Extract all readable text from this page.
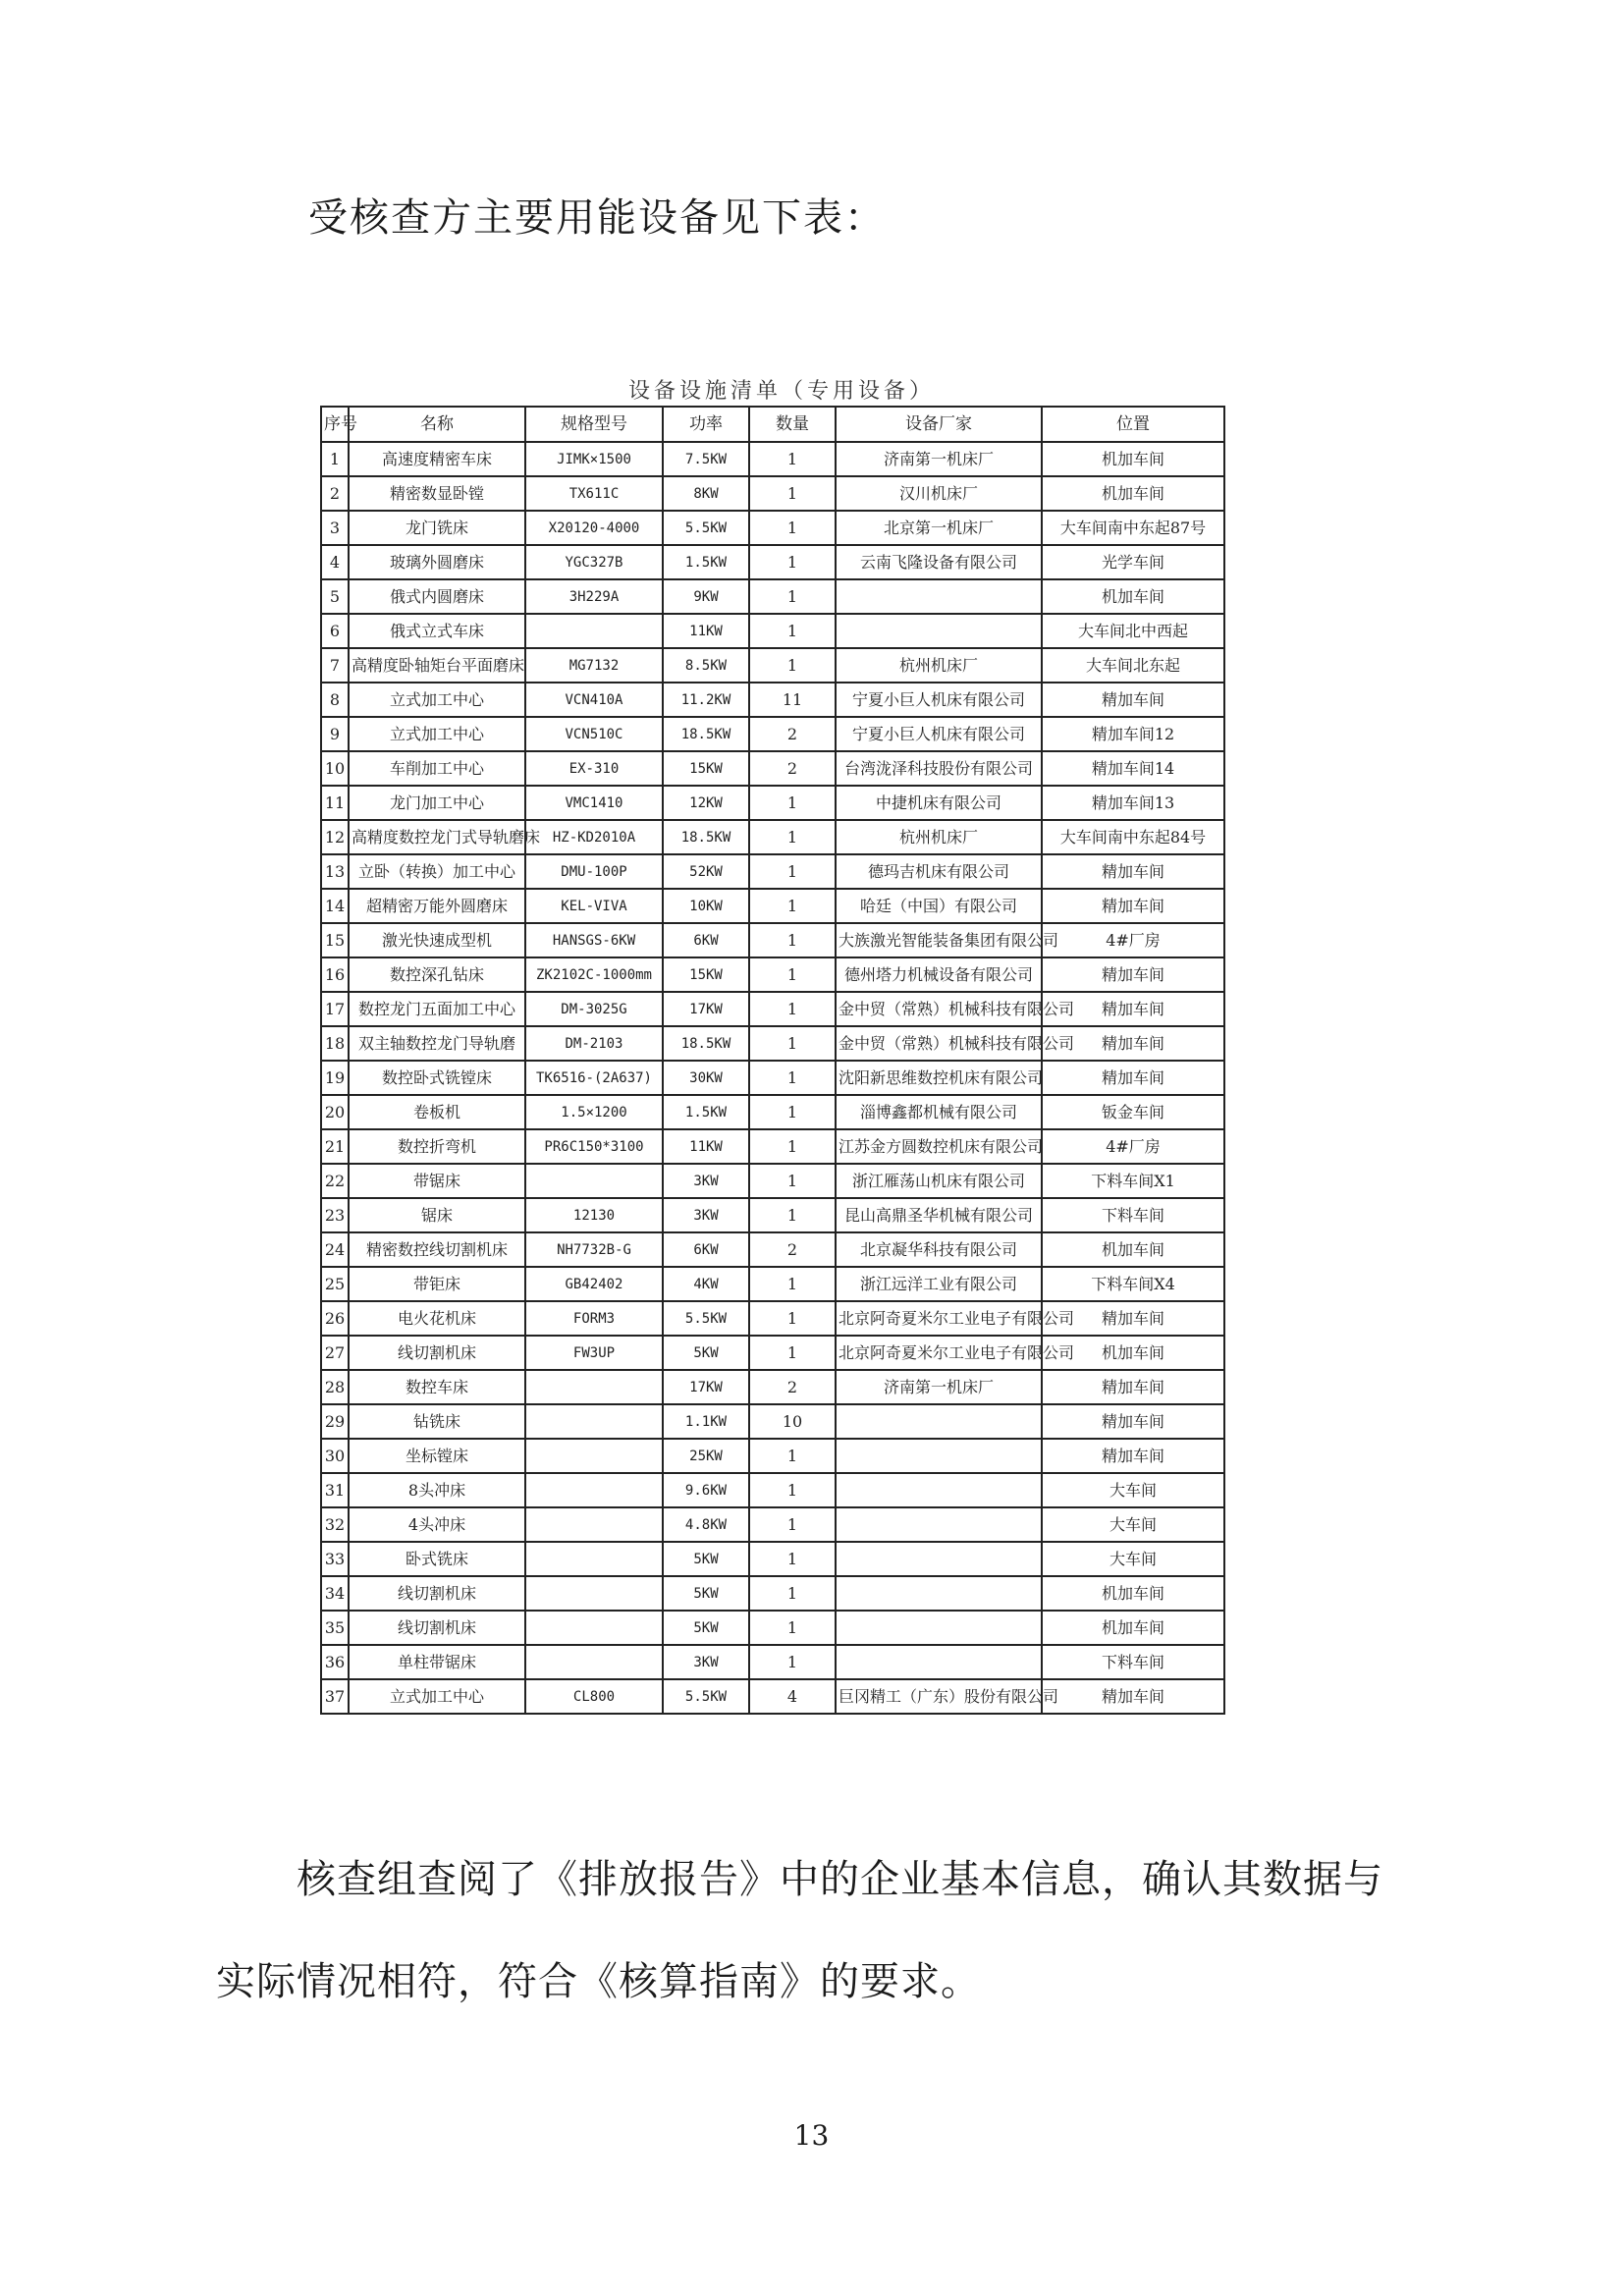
受核查方主要用能设备见下表：
设备设施清单（专用设备）
序号	名称	规格型号	功率	数量	设备厂家	位置
1	高速度精密车床	JIMK×1500	7.5KW	1	济南第一机床厂	机加车间
2	精密数显卧镗	TX611C	8KW	1	汉川机床厂	机加车间
3	龙门铣床	X20120-4000	5.5KW	1	北京第一机床厂	大车间南中东起87号
4	玻璃外圆磨床	YGC327B	1.5KW	1	云南飞隆设备有限公司	光学车间
5	俄式内圆磨床	3H229A	9KW	1		机加车间
6	俄式立式车床		11KW	1		大车间北中西起
7	高精度卧轴矩台平面磨床	MG7132	8.5KW	1	杭州机床厂	大车间北东起
8	立式加工中心	VCN410A	11.2KW	11	宁夏小巨人机床有限公司	精加车间
9	立式加工中心	VCN510C	18.5KW	2	宁夏小巨人机床有限公司	精加车间12
10	车削加工中心	EX-310	15KW	2	台湾泷泽科技股份有限公司	精加车间14
11	龙门加工中心	VMC1410	12KW	1	中捷机床有限公司	精加车间13
12	高精度数控龙门式导轨磨床	HZ-KD2010A	18.5KW	1	杭州机床厂	大车间南中东起84号
13	立卧（转换）加工中心	DMU-100P	52KW	1	德玛吉机床有限公司	精加车间
14	超精密万能外圆磨床	KEL-VIVA	10KW	1	哈廷（中国）有限公司	精加车间
15	激光快速成型机	HANSGS-6KW	6KW	1	大族激光智能装备集团有限公司	4#厂房
16	数控深孔钻床	ZK2102C-1000mm	15KW	1	德州塔力机械设备有限公司	精加车间
17	数控龙门五面加工中心	DM-3025G	17KW	1	金中贸（常熟）机械科技有限公司	精加车间
18	双主轴数控龙门导轨磨	DM-2103	18.5KW	1	金中贸（常熟）机械科技有限公司	精加车间
19	数控卧式铣镗床	TK6516-(2A637)	30KW	1	沈阳新思维数控机床有限公司	精加车间
20	卷板机	1.5×1200	1.5KW	1	淄博鑫都机械有限公司	钣金车间
21	数控折弯机	PR6C150*3100	11KW	1	江苏金方圆数控机床有限公司	4#厂房
22	带锯床		3KW	1	浙江雁荡山机床有限公司	下料车间X1
23	锯床	12130	3KW	1	昆山高鼎圣华机械有限公司	下料车间
24	精密数控线切割机床	NH7732B-G	6KW	2	北京凝华科技有限公司	机加车间
25	带钜床	GB42402	4KW	1	浙江远洋工业有限公司	下料车间X4
26	电火花机床	FORM3	5.5KW	1	北京阿奇夏米尔工业电子有限公司	精加车间
27	线切割机床	FW3UP	5KW	1	北京阿奇夏米尔工业电子有限公司	机加车间
28	数控车床		17KW	2	济南第一机床厂	精加车间
29	钻铣床		1.1KW	10		精加车间
30	坐标镗床		25KW	1		精加车间
31	8头冲床		9.6KW	1		大车间
32	4头冲床		4.8KW	1		大车间
33	卧式铣床		5KW	1		大车间
34	线切割机床		5KW	1		机加车间
35	线切割机床		5KW	1		机加车间
36	单柱带锯床		3KW	1		下料车间
37	立式加工中心	CL800	5.5KW	4	巨冈精工（广东）股份有限公司	精加车间
核查组查阅了《排放报告》中的企业基本信息，确认其数据与实际情况相符，符合《核算指南》的要求。
13
